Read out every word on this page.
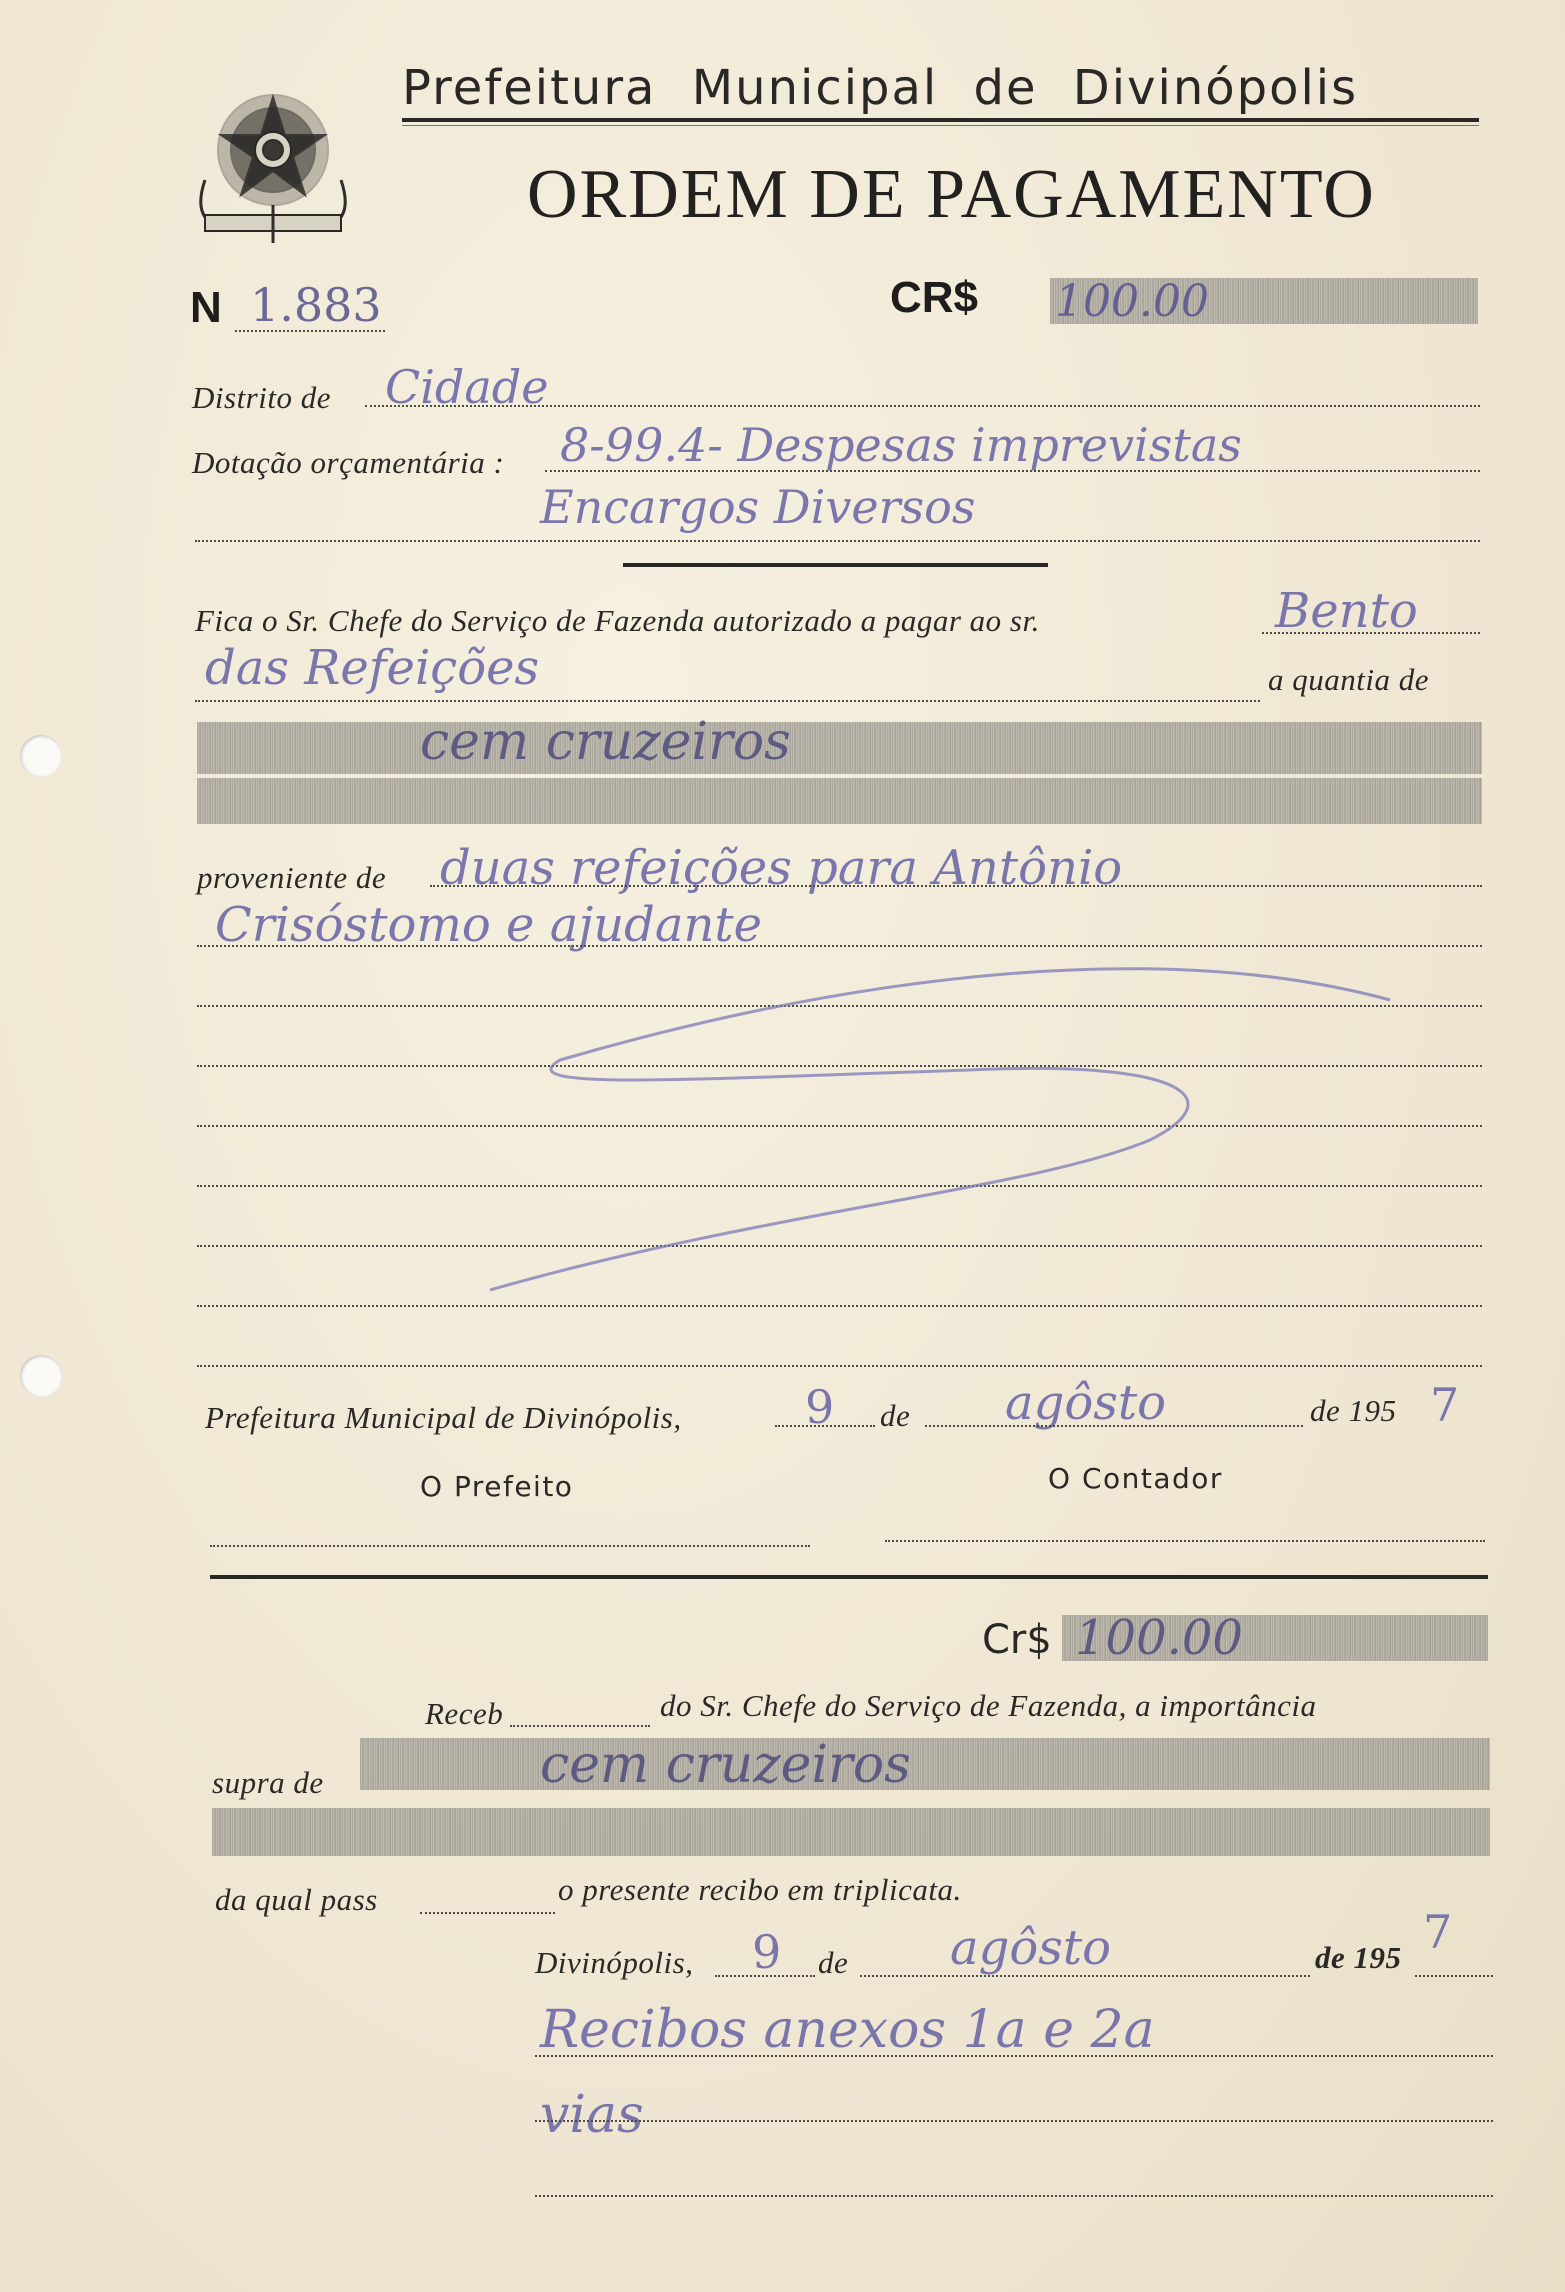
Prefeitura Municipal de Divinópolis
ORDEM DE PAGAMENTO
N 1.883	CR$ 100.00
Distrito de Cidade
Dotação orçamentária : 8-99.4- Despesas imprevistas
Encargos Diversos
Fica o Sr. Chefe do Serviço de Fazenda autorizado a pagar ao sr.	Bento
das Refeições	a quantia de
cem cruzeiros
proveniente de duas refeições para Antônio
Crisóstomo e ajudante
Prefeitura Municipal de Divinópolis,	9 de agôsto	de 195 7
O Prefeito	O Contador
Cr$ 100.00
Receb	do Sr. Chefe do Serviço de Fazenda, a importância
supra de	cem cruzeiros
da qual pass	o presente recibo em triplicata.
Divinópolis, 9 de agôsto	de 195 7
Recibos anexos 1a e 2a
vias
